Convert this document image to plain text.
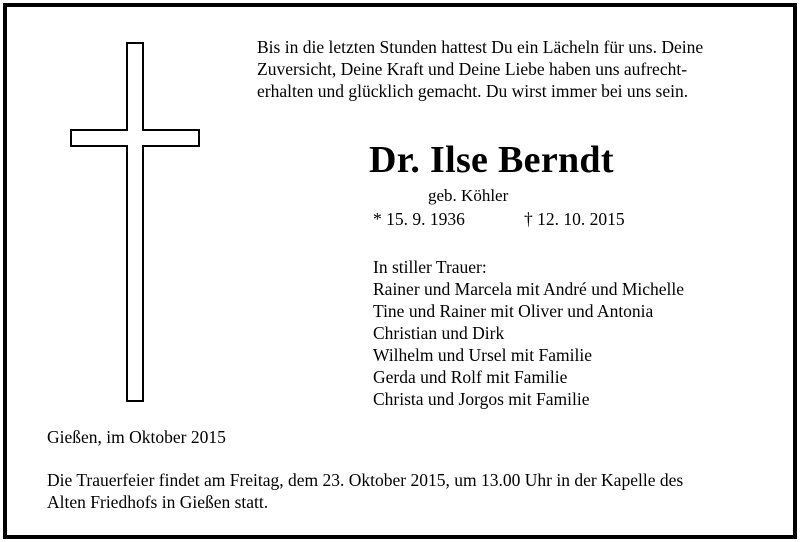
Bis in die letzten Stunden hattest Du ein Lächeln für uns. Deine

Zuversicht, Deine Kraft und Deine Liebe haben uns aufrecht-

erhalten und glücklich gemacht. Du wirst immer bei uns sein.

Dr. Ilse Berndt
geb. Köhler
* 15. 9. 1936	† 12. 10. 2015
In stiller Trauer:
Rainer und Marcela mit André und Michelle
Tine und Rainer mit Oliver und Antonia
Christian und Dirk
Wilhelm und Ursel mit Familie
Gerda und Rolf mit Familie
Christa und Jorgos mit Familie
Gießen, im Oktober 2015
Die Trauerfeier findet am Freitag, dem 23. Oktober 2015, um 13.00 Uhr in der Kapelle des
Alten Friedhofs in Gießen statt.
